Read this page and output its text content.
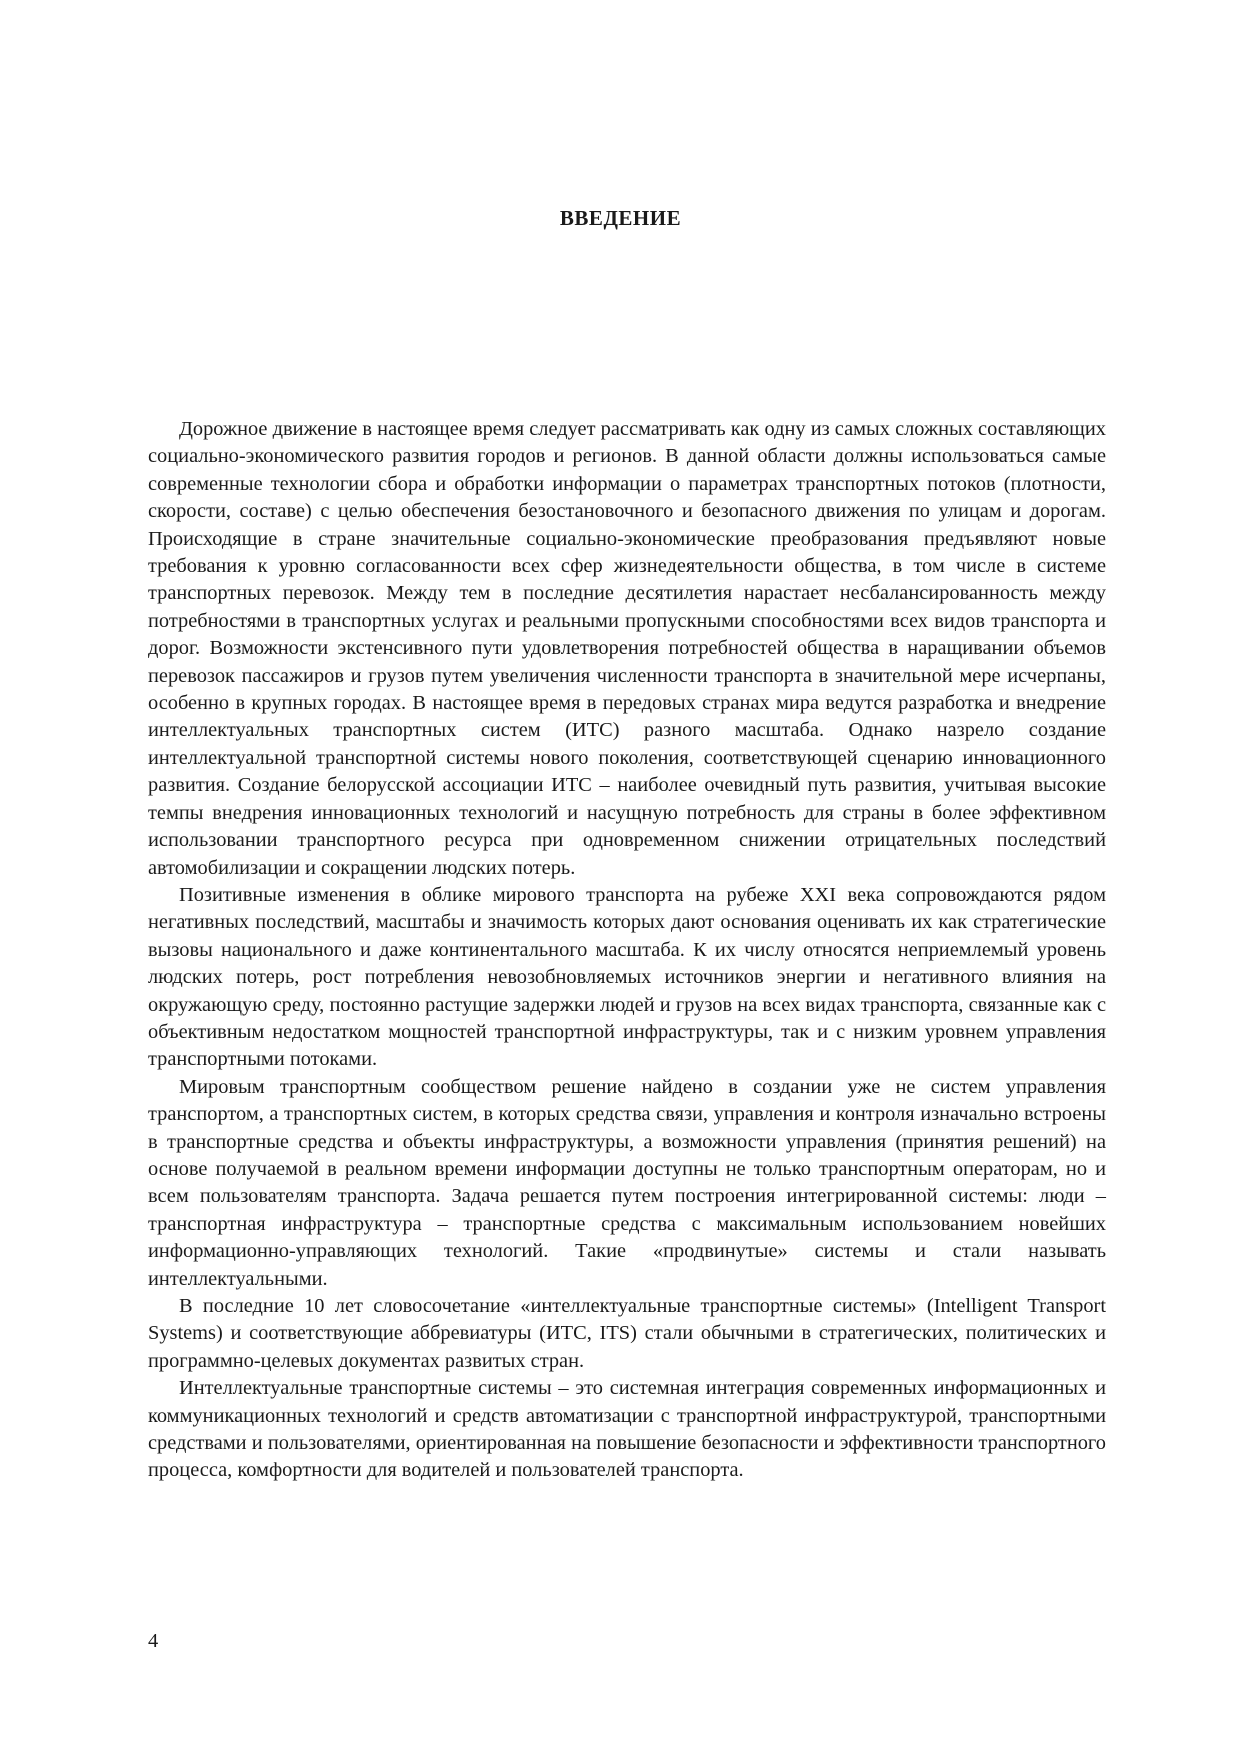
ВВЕДЕНИЕ

Дорожное движение в настоящее время следует рассматривать как одну из самых сложных составляющих социально-экономического развития городов и регионов. В данной области должны использоваться самые современные технологии сбора и обработки информации о параметрах транспортных потоков (плотности, скорости, составе) с целью обеспечения безостановочного и безопасного движения по улицам и дорогам. Происходящие в стране значительные социально-экономические преобразования предъявляют новые требования к уровню согласованности всех сфер жизнедеятельности общества, в том числе в системе транспортных перевозок. Между тем в последние десятилетия нарастает несбалансированность между потребностями в транспортных услугах и реальными пропускными способностями всех видов транспорта и дорог. Возможности экстенсивного пути удовлетворения потребностей общества в наращивании объемов перевозок пассажиров и грузов путем увеличения численности транспорта в значительной мере исчерпаны, особенно в крупных городах. В настоящее время в передовых странах мира ведутся разработка и внедрение интеллектуальных транспортных систем (ИТС) разного масштаба. Однако назрело создание интеллектуальной транспортной системы нового поколения, соответствующей сценарию инновационного развития. Создание белорусской ассоциации ИТС – наиболее очевидный путь развития, учитывая высокие темпы внедрения инновационных технологий и насущную потребность для страны в более эффективном использовании транспортного ресурса при одновременном снижении отрицательных последствий автомобилизации и сокращении людских потерь.

Позитивные изменения в облике мирового транспорта на рубеже XXI века сопровождаются рядом негативных последствий, масштабы и значимость которых дают основания оценивать их как стратегические вызовы национального и даже континентального масштаба. К их числу относятся неприемлемый уровень людских потерь, рост потребления невозобновляемых источников энергии и негативного влияния на окружающую среду, постоянно растущие задержки людей и грузов на всех видах транспорта, связанные как с объективным недостатком мощностей транспортной инфраструктуры, так и с низким уровнем управления транспортными потоками.

Мировым транспортным сообществом решение найдено в создании уже не систем управления транспортом, а транспортных систем, в которых средства связи, управления и контроля изначально встроены в транспортные средства и объекты инфраструктуры, а возможности управления (принятия решений) на основе получаемой в реальном времени информации доступны не только транспортным операторам, но и всем пользователям транспорта. Задача решается путем построения интегрированной системы: люди – транспортная инфраструктура – транспортные средства с максимальным использованием новейших информационно-управляющих технологий. Такие «продвинутые» системы и стали называть интеллектуальными.

В последние 10 лет словосочетание «интеллектуальные транспортные системы» (Intelligent Transport Systems) и соответствующие аббревиатуры (ИТС, ITS) стали обычными в стратегических, политических и программно-целевых документах развитых стран.

Интеллектуальные транспортные системы – это системная интеграция современных информационных и коммуникационных технологий и средств автоматизации с транспортной инфраструктурой, транспортными средствами и пользователями, ориентированная на повышение безопасности и эффективности транспортного процесса, комфортности для водителей и пользователей транспорта.

4
